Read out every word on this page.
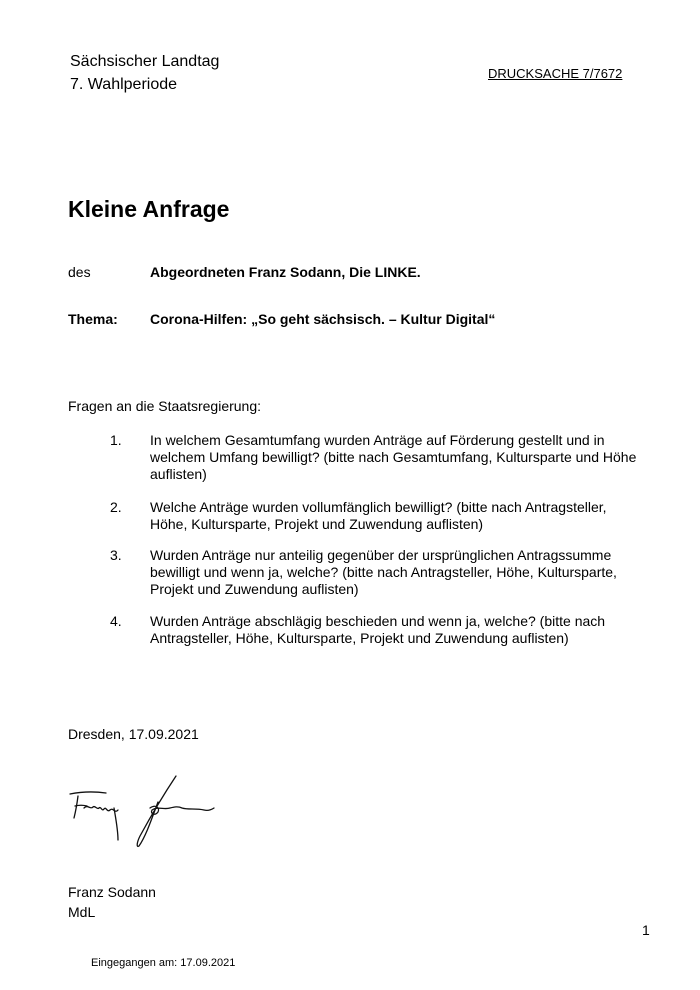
Sächsischer Landtag
7. Wahlperiode
DRUCKSACHE 7/7672
Kleine Anfrage
des	Abgeordneten Franz Sodann, Die LINKE.
Thema: Corona-Hilfen: „So geht sächsisch. – Kultur Digital“
Fragen an die Staatsregierung:
1. In welchem Gesamtumfang wurden Anträge auf Förderung gestellt und in
welchem Umfang bewilligt? (bitte nach Gesamtumfang, Kultursparte und Höhe
auflisten)
2. Welche Anträge wurden vollumfänglich bewilligt? (bitte nach Antragsteller,
Höhe, Kultursparte, Projekt und Zuwendung auflisten)
3. Wurden Anträge nur anteilig gegenüber der ursprünglichen Antragssumme
bewilligt und wenn ja, welche? (bitte nach Antragsteller, Höhe, Kultursparte,
Projekt und Zuwendung auflisten)
4. Wurden Anträge abschlägig beschieden und wenn ja, welche? (bitte nach
Antragsteller, Höhe, Kultursparte, Projekt und Zuwendung auflisten)
Dresden, 17.09.2021
Franz Sodann
MdL
1
Eingegangen am: 17.09.2021
